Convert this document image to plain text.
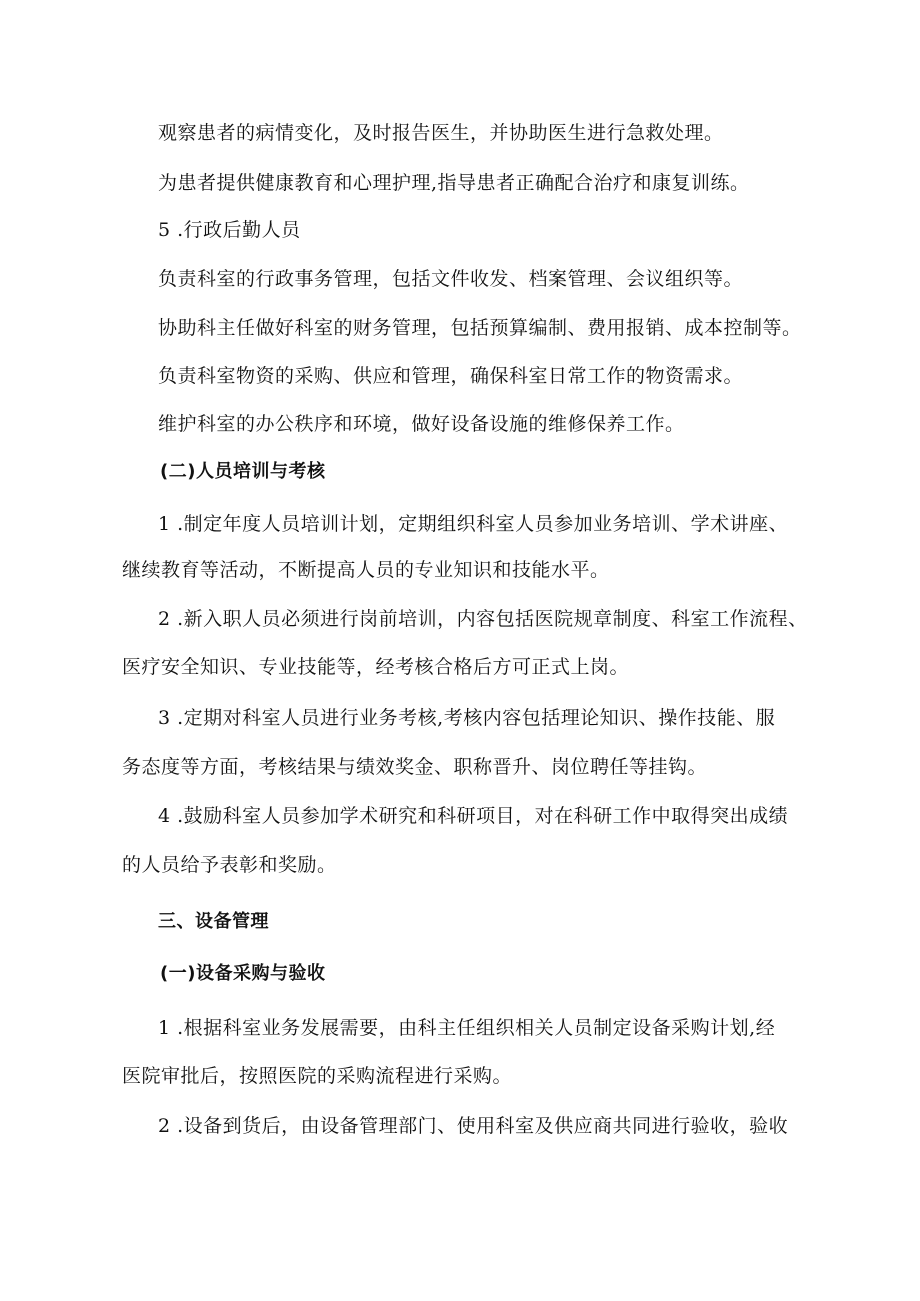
观察患者的病情变化，及时报告医生，并协助医生进行急救处理。
为患者提供健康教育和心理护理,指导患者正确配合治疗和康复训练。
5 .行政后勤人员
负责科室的行政事务管理，包括文件收发、档案管理、会议组织等。
协助科主任做好科室的财务管理，包括预算编制、费用报销、成本控制等。
负责科室物资的采购、供应和管理，确保科室日常工作的物资需求。
维护科室的办公秩序和环境，做好设备设施的维修保养工作。
(二)人员培训与考核
1 .制定年度人员培训计划，定期组织科室人员参加业务培训、学术讲座、
继续教育等活动，不断提高人员的专业知识和技能水平。
2 .新入职人员必须进行岗前培训，内容包括医院规章制度、科室工作流程、
医疗安全知识、专业技能等，经考核合格后方可正式上岗。
3 .定期对科室人员进行业务考核,考核内容包括理论知识、操作技能、服
务态度等方面，考核结果与绩效奖金、职称晋升、岗位聘任等挂钩。
4 .鼓励科室人员参加学术研究和科研项目，对在科研工作中取得突出成绩
的人员给予表彰和奖励。
三、设备管理
(一)设备采购与验收
1 .根据科室业务发展需要，由科主任组织相关人员制定设备采购计划,经
医院审批后，按照医院的采购流程进行采购。
2 .设备到货后，由设备管理部门、使用科室及供应商共同进行验收，验收
